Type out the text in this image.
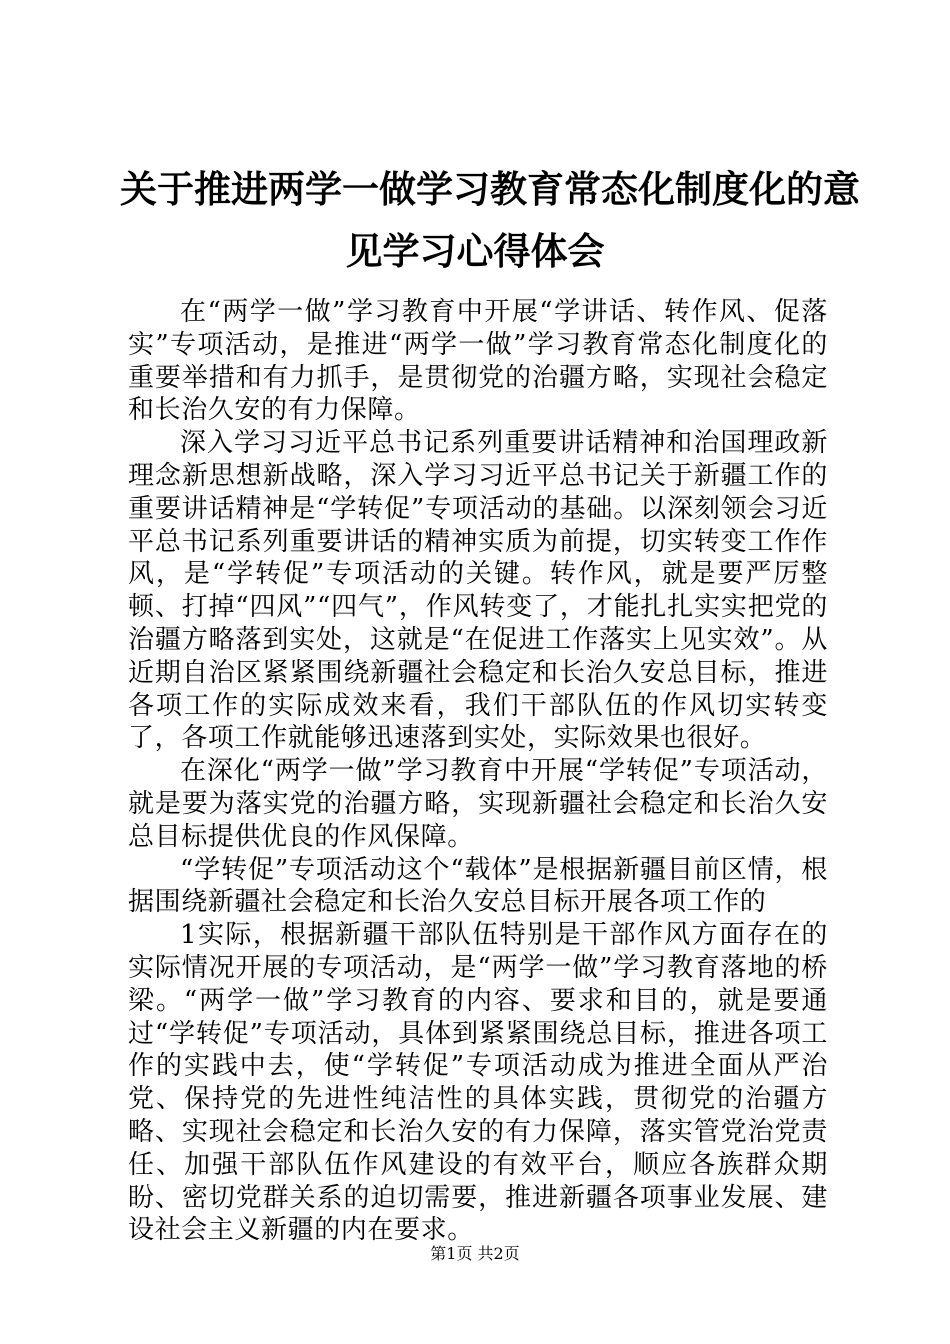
关于推进两学一做学习教育常态化制度化的意
见学习心得体会

在“两学一做”学习教育中开展“学讲话、转作风、促落实”专项活动，是推进“两学一做”学习教育常态化制度化的重要举措和有力抓手，是贯彻党的治疆方略，实现社会稳定和长治久安的有力保障。

深入学习习近平总书记系列重要讲话精神和治国理政新理念新思想新战略，深入学习习近平总书记关于新疆工作的重要讲话精神是“学转促”专项活动的基础。以深刻领会习近平总书记系列重要讲话的精神实质为前提，切实转变工作作风，是“学转促”专项活动的关键。转作风，就是要严厉整顿、打掉“四风”“四气”，作风转变了，才能扎扎实实把党的治疆方略落到实处，这就是“在促进工作落实上见实效”。从近期自治区紧紧围绕新疆社会稳定和长治久安总目标，推进各项工作的实际成效来看，我们干部队伍的作风切实转变了，各项工作就能够迅速落到实处，实际效果也很好。

在深化“两学一做”学习教育中开展“学转促”专项活动，就是要为落实党的治疆方略，实现新疆社会稳定和长治久安总目标提供优良的作风保障。

“学转促”专项活动这个“载体”是根据新疆目前区情，根据围绕新疆社会稳定和长治久安总目标开展各项工作的

1实际，根据新疆干部队伍特别是干部作风方面存在的实际情况开展的专项活动，是“两学一做”学习教育落地的桥梁。“两学一做”学习教育的内容、要求和目的，就是要通过“学转促”专项活动，具体到紧紧围绕总目标，推进各项工作的实践中去，使“学转促”专项活动成为推进全面从严治党、保持党的先进性纯洁性的具体实践，贯彻党的治疆方略、实现社会稳定和长治久安的有力保障，落实管党治党责任、加强干部队伍作风建设的有效平台，顺应各族群众期盼、密切党群关系的迫切需要，推进新疆各项事业发展、建设社会主义新疆的内在要求。

第1页 共2页
